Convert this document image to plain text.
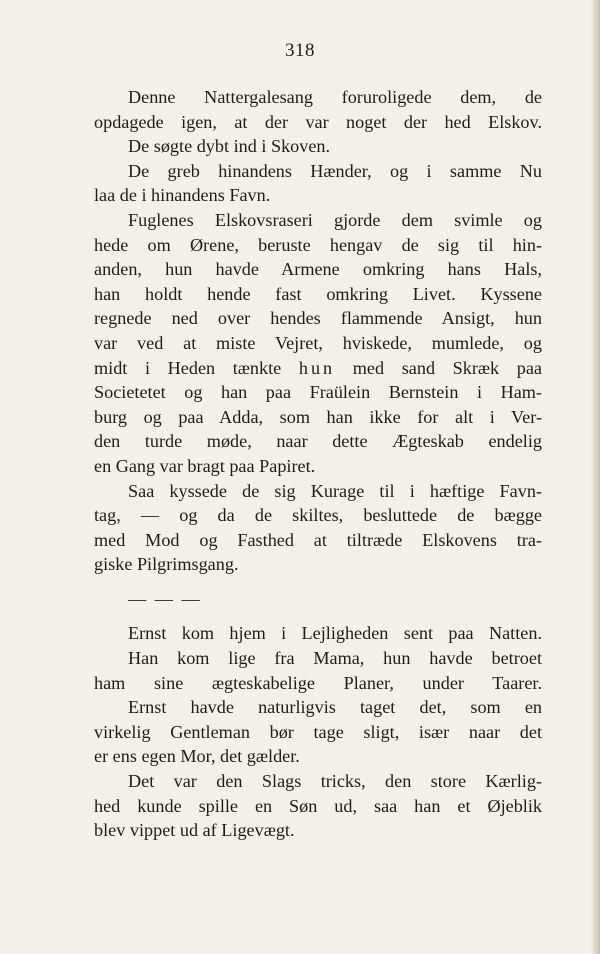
318
Denne Nattergalesang foruroligede dem, de
opdagede igen, at der var noget der hed Elskov.
De søgte dybt ind i Skoven.
De greb hinandens Hænder, og i samme Nu
laa de i hinandens Favn.
Fuglenes Elskovsraseri gjorde dem svimle og
hede om Ørene, beruste hengav de sig til hin-
anden, hun havde Armene omkring hans Hals,
han holdt hende fast omkring Livet. Kyssene
regnede ned over hendes flammende Ansigt, hun
var ved at miste Vejret, hviskede, mumlede, og
midt i Heden tænkte hun med sand Skræk paa
Societetet og han paa Fraülein Bernstein i Ham-
burg og paa Adda, som han ikke for alt i Ver-
den turde møde, naar dette Ægteskab endelig
en Gang var bragt paa Papiret.
Saa kyssede de sig Kurage til i hæftige Favn-
tag, — og da de skiltes, besluttede de bægge
med Mod og Fasthed at tiltræde Elskovens tra-
giske Pilgrimsgang.
— — —
Ernst kom hjem i Lejligheden sent paa Natten.
Han kom lige fra Mama, hun havde betroet
ham sine ægteskabelige Planer, under Taarer.
Ernst havde naturligvis taget det, som en
virkelig Gentleman bør tage sligt, især naar det
er ens egen Mor, det gælder.
Det var den Slags tricks, den store Kærlig-
hed kunde spille en Søn ud, saa han et Øjeblik
blev vippet ud af Ligevægt.
